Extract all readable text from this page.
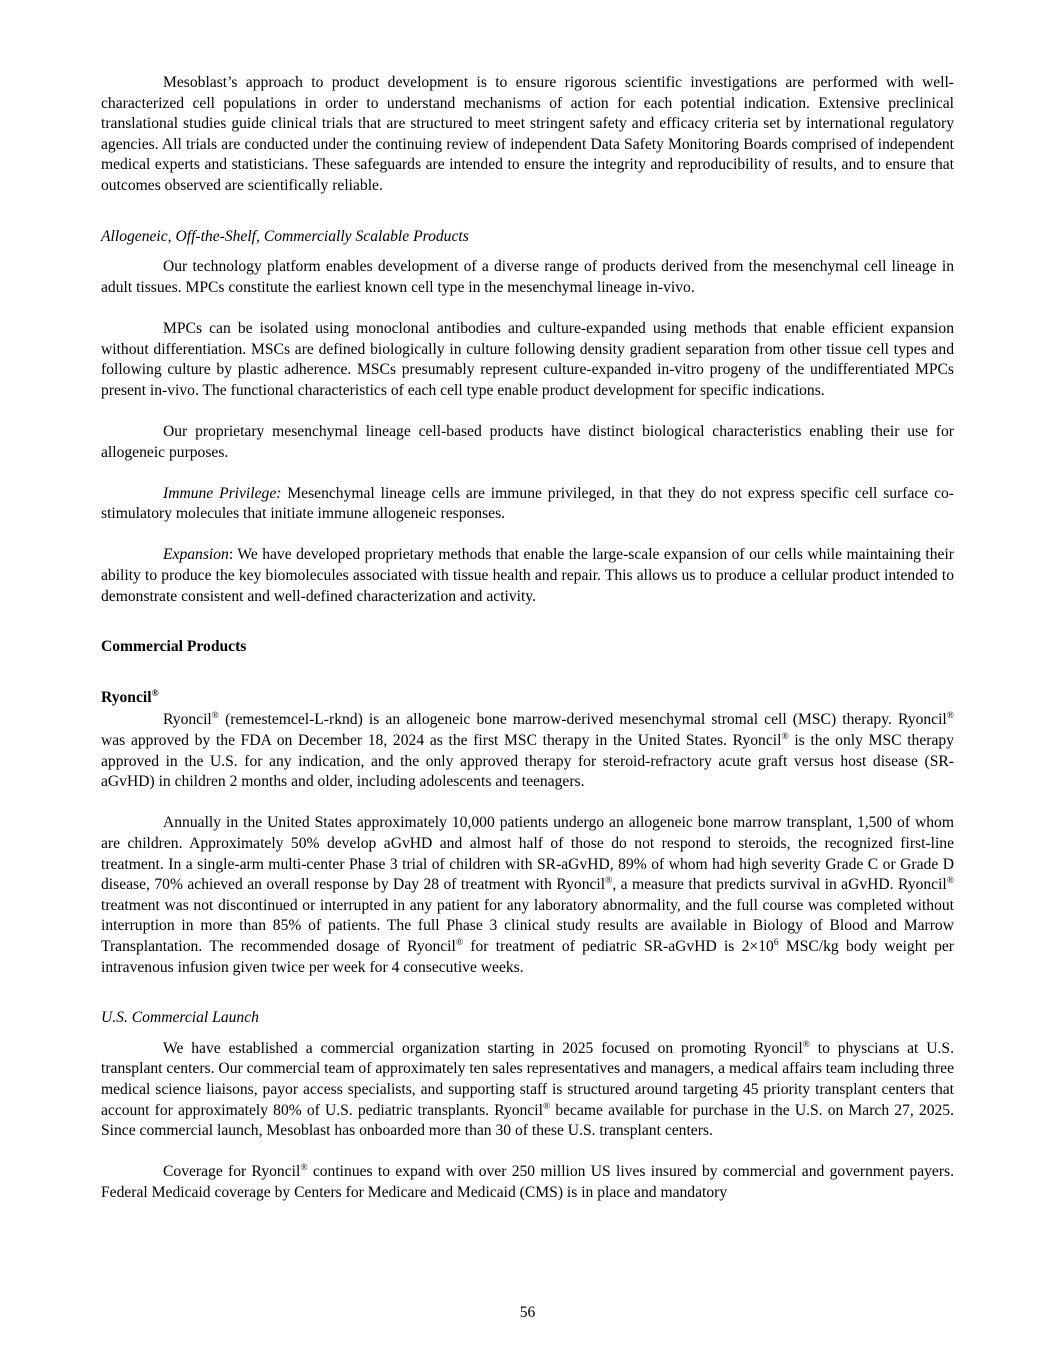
Mesoblast’s approach to product development is to ensure rigorous scientific investigations are performed with well-characterized cell populations in order to understand mechanisms of action for each potential indication. Extensive preclinical translational studies guide clinical trials that are structured to meet stringent safety and efficacy criteria set by international regulatory agencies. All trials are conducted under the continuing review of independent Data Safety Monitoring Boards comprised of independent medical experts and statisticians. These safeguards are intended to ensure the integrity and reproducibility of results, and to ensure that outcomes observed are scientifically reliable.

Allogeneic, Off-the-Shelf, Commercially Scalable Products

Our technology platform enables development of a diverse range of products derived from the mesenchymal cell lineage in adult tissues. MPCs constitute the earliest known cell type in the mesenchymal lineage in-vivo.

MPCs can be isolated using monoclonal antibodies and culture-expanded using methods that enable efficient expansion without differentiation. MSCs are defined biologically in culture following density gradient separation from other tissue cell types and following culture by plastic adherence. MSCs presumably represent culture-expanded in-vitro progeny of the undifferentiated MPCs present in-vivo. The functional characteristics of each cell type enable product development for specific indications.

Our proprietary mesenchymal lineage cell-based products have distinct biological characteristics enabling their use for allogeneic purposes.

Immune Privilege: Mesenchymal lineage cells are immune privileged, in that they do not express specific cell surface co-stimulatory molecules that initiate immune allogeneic responses.

Expansion: We have developed proprietary methods that enable the large-scale expansion of our cells while maintaining their ability to produce the key biomolecules associated with tissue health and repair. This allows us to produce a cellular product intended to demonstrate consistent and well-defined characterization and activity.

Commercial Products

Ryoncil®

Ryoncil® (remestemcel-L-rknd) is an allogeneic bone marrow-derived mesenchymal stromal cell (MSC) therapy. Ryoncil® was approved by the FDA on December 18, 2024 as the first MSC therapy in the United States. Ryoncil® is the only MSC therapy approved in the U.S. for any indication, and the only approved therapy for steroid-refractory acute graft versus host disease (SR-aGvHD) in children 2 months and older, including adolescents and teenagers.

Annually in the United States approximately 10,000 patients undergo an allogeneic bone marrow transplant, 1,500 of whom are children. Approximately 50% develop aGvHD and almost half of those do not respond to steroids, the recognized first-line treatment. In a single-arm multi-center Phase 3 trial of children with SR-aGvHD, 89% of whom had high severity Grade C or Grade D disease, 70% achieved an overall response by Day 28 of treatment with Ryoncil®, a measure that predicts survival in aGvHD. Ryoncil® treatment was not discontinued or interrupted in any patient for any laboratory abnormality, and the full course was completed without interruption in more than 85% of patients. The full Phase 3 clinical study results are available in Biology of Blood and Marrow Transplantation. The recommended dosage of Ryoncil® for treatment of pediatric SR-aGvHD is $2\times 10^6$ MSC/kg body weight per intravenous infusion given twice per week for 4 consecutive weeks.

U.S. Commercial Launch

We have established a commercial organization starting in 2025 focused on promoting Ryoncil® to physcians at U.S. transplant centers. Our commercial team of approximately ten sales representatives and managers, a medical affairs team including three medical science liaisons, payor access specialists, and supporting staff is structured around targeting 45 priority transplant centers that account for approximately 80% of U.S. pediatric transplants. Ryoncil® became available for purchase in the U.S. on March 27, 2025. Since commercial launch, Mesoblast has onboarded more than 30 of these U.S. transplant centers.

Coverage for Ryoncil® continues to expand with over 250 million US lives insured by commercial and government payers. Federal Medicaid coverage by Centers for Medicare and Medicaid (CMS) is in place and mandatory

56
